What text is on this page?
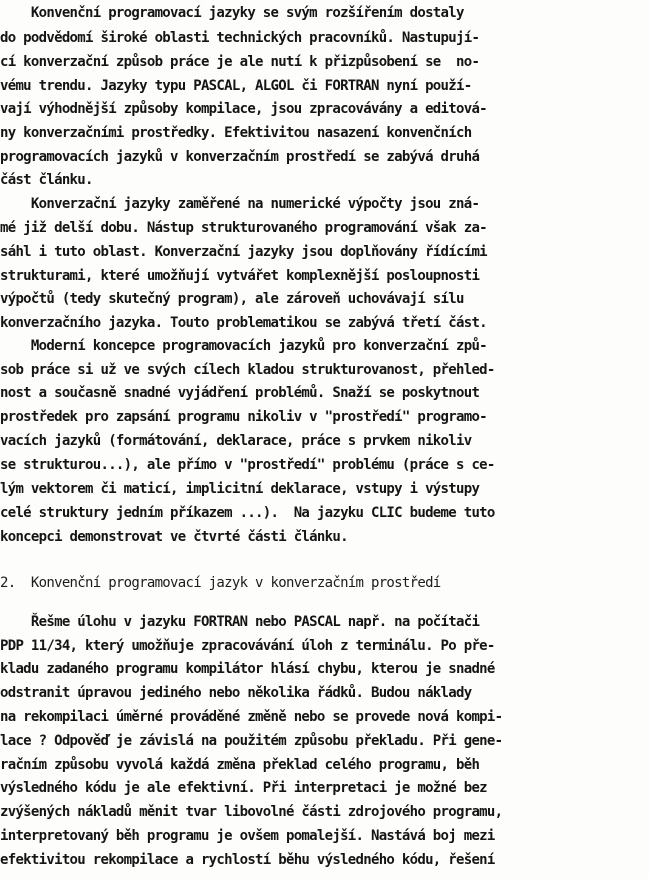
Konvenční programovací jazyky se svým rozšířením dostaly
do podvědomí široké oblasti technických pracovníků. Nastupují-
cí konverzační způsob práce je ale nutí k přizpůsobení se  no-
vému trendu. Jazyky typu PASCAL, ALGOL či FORTRAN nyní použí-
vají výhodnější způsoby kompilace, jsou zpracovávány a editová-
ny konverzačními prostředky. Efektivitou nasazení konvenčních
programovacích jazyků v konverzačním prostředí se zabývá druhá
část článku.
Konverzační jazyky zaměřené na numerické výpočty jsou zná-
mé již delší dobu. Nástup strukturovaného programování však za-
sáhl i tuto oblast. Konverzační jazyky jsou doplňovány řídícími
strukturami, které umožňují vytvářet komplexnější posloupnosti
výpočtů (tedy skutečný program), ale zároveň uchovávají sílu
konverzačního jazyka. Touto problematikou se zabývá třetí část.
Moderní koncepce programovacích jazyků pro konverzační způ-
sob práce si už ve svých cílech kladou strukturovanost, přehled-
nost a současně snadné vyjádření problémů. Snaží se poskytnout
prostředek pro zapsání programu nikoliv v "prostředí" programo-
vacích jazyků (formátování, deklarace, práce s prvkem nikoliv
se strukturou...), ale přímo v "prostředí" problému (práce s ce-
lým vektorem či maticí, implicitní deklarace, vstupy i výstupy
celé struktury jedním příkazem ...).  Na jazyku CLIC budeme tuto
koncepci demonstrovat ve čtvrté části článku.
2.  Konvenční programovací jazyk v konverzačním prostředí
Řešme úlohu v jazyku FORTRAN nebo PASCAL např. na počítači
PDP 11/34, který umožňuje zpracovávání úloh z terminálu. Po pře-
kladu zadaného programu kompilátor hlásí chybu, kterou je snadné
odstranit úpravou jediného nebo několika řádků. Budou náklady
na rekompilaci úměrné prováděné změně nebo se provede nová kompi-
lace ? Odpověď je závislá na použitém způsobu překladu. Při gene-
račním způsobu vyvolá každá změna překlad celého programu, běh
výsledného kódu je ale efektivní. Při interpretaci je možné bez
zvýšených nákladů měnit tvar libovolné části zdrojového programu,
interpretovaný běh programu je ovšem pomalejší. Nastává boj mezi
efektivitou rekompilace a rychlostí běhu výsledného kódu, řešení
